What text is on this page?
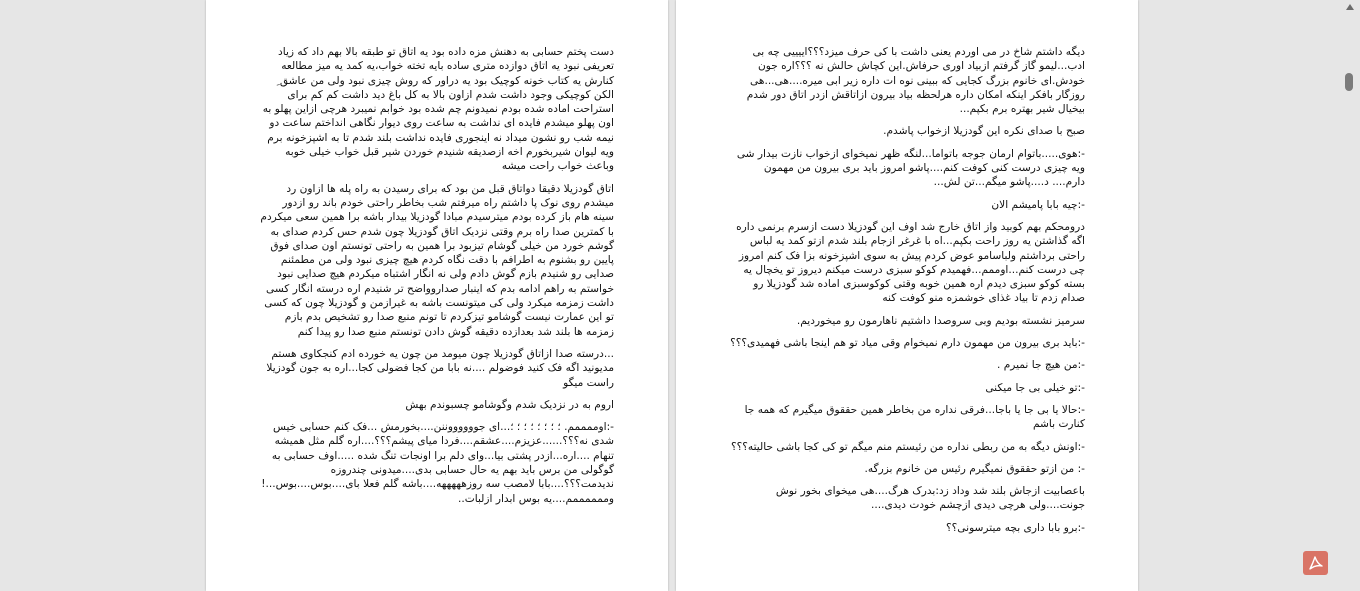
دست پختم حسابی به دهنش مزه داده بود یه اتاق تو طبقه بالا بهم داد که زیاد تعریفی نبود یه اتاق دوازده متری ساده بایه تخته خواب،یه کمد یه میز مطالعه کنارش یه کتاب خونه کوچیک بود یه دراور که روش چیزی نبود ولی من عاشق ِ الکن کوچیکی وجود داشت شدم ازاون بالا به کل باغ دید داشت کم کم برای استراحت اماده شده بودم نمیدونم چم شده بود خوابم نمیبرد هرچی ازاین پهلو به اون پهلو میشدم فایده ای نداشت به ساعت روی دیوار نگاهی انداختم ساعت دو نیمه شب رو نشون میداد نه اینجوری فایده نداشت بلند شدم تا به اشپزخونه برم ویه لیوان شیربخورم اخه ازصدیقه شنیدم خوردن شیر قبل خواب خیلی خوبه وباعث خواب راحت میشه

اتاق گودزیلا دقیقا دواتاق قبل من بود که برای رسیدن به راه پله ها ازاون رد میشدم روی نوک پا داشتم راه میرفتم شب بخاطر راحتی خودم باند رو ازدور سینه هام باز کرده بودم میترسیدم مبادا گودزیلا بیدار باشه برا همین سعی میکردم با کمترین صدا راه برم وقتی نزدیک اتاق گودزیلا چون شدم حس کردم صدای به گوشم خورد من خیلی گوشام تیزبود برا همین به راحتی تونستم اون صدای فوق پایین رو بشنوم به اطرافم با دقت نگاه کردم هیچ چیزی نبود ولی من مطمئنم صدایی رو شنیدم بازم گوش دادم ولی نه انگار اشتباه میکردم هیچ صدایی نبود خواستم به راهم ادامه بدم که اینبار صداروواضح تر شنیدم اره درسته انگار کسی داشت زمزمه میکرد ولی کی میتونست باشه به غیرازمن و گودزیلا چون که کسی تو این عمارت نیست گوشامو تیزکردم تا تونم منبع صدا رو تشخیص بدم بازم زمزمه ها بلند شد بعدازده دقیقه گوش دادن تونستم منبع صدا رو پیدا کنم

...درسته صدا ازاتاق گودزیلا چون میومد من چون یه خورده ادم کنجکاوی هستم مدیونید اگه فک کنید فوضولم ....نه بابا من کجا فضولی کجا...اره به جون گودزیلا راست میگو

اروم به در نزدیک شدم وگوشامو چسبوندم بهش

-:اوممممم. ؛ ؛ ؛ ؛ ؛ ؛ ؛ ؛...ای جووووووننن....بخورمش ...فک کنم حسابی خیس شدی نه؟؟؟......عزیزم....عشقم....فردا میای پیشم؟؟؟....اره گلم مثل همیشه تنهام ....اره...ازدر پشتی بیا...وای دلم برا اونجات تنگ شده .....اوف حسابی به گوگولی من برس باید بهم یه حال حسابی بدی....میدونی چندروزه ندیدمت؟؟؟....بابا لامصب سه روزهههههه....باشه گلم فعلا بای....بوس....بوس...!وممممممم....یه بوس ابدار ازلبات..

دیگه داشتم شاخ در می اوردم یعنی داشت با کی حرف میزد؟؟؟اییییی چه بی ادب...لیمو گاز گرفتم ازبیاد اوری حرفاش.این کچاش حالش نه ؟؟؟اره جون خودش.ای خانوم بزرگ کجایی که ببینی نوه ات داره زیر ابی میره....هی...هی روزگار بافکر اینکه امکان داره هرلحظه بیاد بیرون ازاتاقش ازدر اتاق دور شدم بیخیال شیر بهتره برم بکپم...

صبح با صدای نکره این گودزیلا ازخواب پاشدم.

-:هوی.....باتوام ارمان جوجه باتواما...لنگه ظهر نمیخوای ازخواب نازت بیدار شی ویه چیزی درست کنی کوفت کنم....پاشو امروز باید بری بیرون من مهمون دارم.... د....پاشو میگم...تن لش...

-:چیه بابا پامیشم الان

درومحکم بهم کوبید واز اتاق خارج شد اوف این گودزیلا دست ازسرم برنمی داره اگه گذاشتن یه روز راحت بکپم...اه با غرغر ازجام بلند شدم ازتو کمد یه لباس راحتی برداشتم ولباسامو عوض کردم پیش به سوی اشپزخونه بزا فک کنم امروز چی درست کنم...اوممم...فهمیدم کوکو سبزی درست میکنم دیروز تو یخچال یه بسته کوکو سبزی دیدم اره همین خوبه وقتی کوکوسبزی اماده شد گودزیلا رو صدام زدم تا بیاد غذای خوشمزه منو کوفت کنه

سرمیز نشسته بودیم وبی سروصدا داشتیم ناهارمون رو میخوردیم.

-:باید بری بیرون من مهمون دارم نمیخوام وقی میاد تو هم اینجا باشی فهمیدی؟؟؟

-:من هیچ جا نمیرم .

-:تو خیلی بی جا میکنی

-:حالا یا بی جا یا باجا...فرقی نداره من بخاطر همین حققوق میگیرم که همه جا کنارت باشم

-:اونش دیگه به من ربطی نداره من رئیستم منم میگم تو کی کجا باشی حالیته؟؟؟

-: من ازتو حققوق نمیگیرم رئیس من خانوم بزرگه.

باعصابیت ازجاش بلند شد وداد زد:بدرک هرگ....هی میخوای بخور نوش جونت....ولی هرچی دیدی ازچشم خودت دیدی....

-:برو بابا داری بچه میترسونی؟؟
